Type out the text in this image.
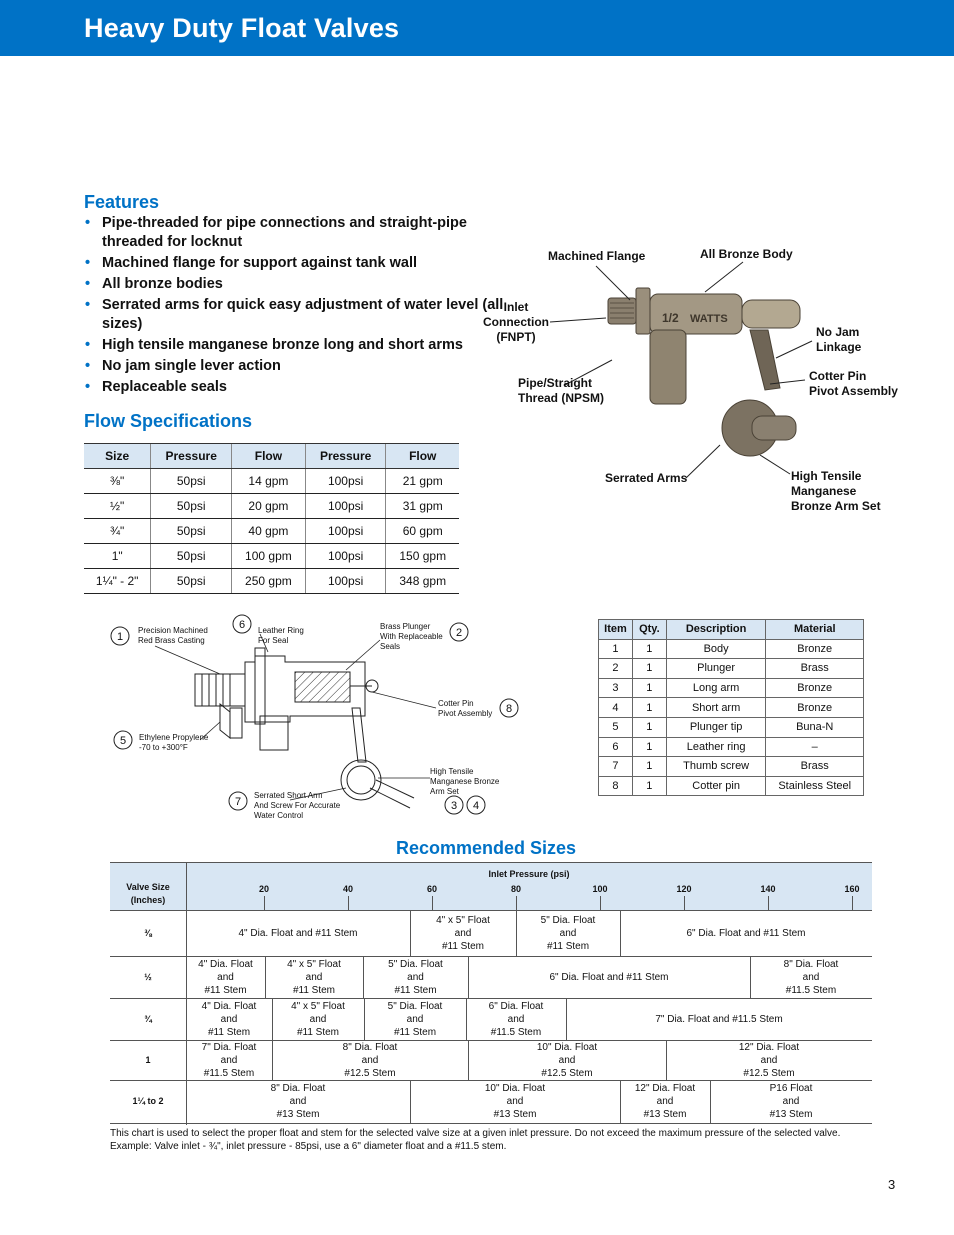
Heavy Duty Float Valves
Features
• Pipe-threaded for pipe connections and straight-pipe threaded for locknut
• Machined flange for support against tank wall
• All bronze bodies
• Serrated arms for quick easy adjustment of water level (all sizes)
• High tensile manganese bronze long and short arms
• No jam single lever action
• Replaceable seals
Flow Specifications
Size	Pressure	Flow	Pressure	Flow
⅜"	50psi	14 gpm	100psi	21 gpm
½"	50psi	20 gpm	100psi	31 gpm
¾"	50psi	40 gpm	100psi	60 gpm
1"	50psi	100 gpm	100psi	150 gpm
1¼" - 2"	50psi	250 gpm	100psi	348 gpm
1/2 WATTS
Machined Flange	All Bronze Body
Inlet
Connection
(FNPT)	No Jam
Linkage
Cotter Pin
Pivot Assembly
Pipe/Straight
Thread (NPSM)
Serrated Arms	High Tensile
Manganese
Bronze Arm Set
1
6
2
8
5
3 4
7
Precision Machined
Red Brass Casting
Leather Ring
For Seal
Brass Plunger
With Replaceable
Seals
Cotter Pin
Pivot Assembly
Ethylene Propylene
-70 to +300°F
High Tensile
Manganese Bronze
Arm Set
Serrated Short Arm
And Screw For Accurate
Water Control
Item	Qty.	Description	Material
1	1	Body	Bronze
2	1	Plunger	Brass
3	1	Long arm	Bronze
4	1	Short arm	Bronze
5	1	Plunger tip	Buna-N
6	1	Leather ring	–
7	1	Thumb screw	Brass
8	1	Cotter pin	Stainless Steel
Recommended Sizes
Valve Size
(Inches)
Inlet Pressure (psi)
20	40	60	80	100	120	140	160
⅜	4" Dia. Float and #11 Stem
4" x 5" Float
and
#11 Stem
5" Dia. Float
and
#11 Stem
6" Dia. Float and #11 Stem
½
4" Dia. Float
and
#11 Stem
4" x 5" Float
and
#11 Stem
5" Dia. Float
and
#11 Stem
6" Dia. Float and #11 Stem
8" Dia. Float
and
#11.5 Stem
¾
4" Dia. Float
and
#11 Stem
4" x 5" Float
and
#11 Stem
5" Dia. Float
and
#11 Stem
6" Dia. Float
and
#11.5 Stem
7" Dia. Float and #11.5 Stem
1
7" Dia. Float
and
#11.5 Stem
8" Dia. Float
and
#12.5 Stem
10" Dia. Float
and
#12.5 Stem
12" Dia. Float
and
#12.5 Stem
1¼ to 2
8" Dia. Float
and
#13 Stem
10" Dia. Float
and
#13 Stem
12" Dia. Float
and
#13 Stem
P16 Float
and
#13 Stem

This chart is used to select the proper float and stem for the selected valve size at a given inlet pressure. Do not exceed the maximum pressure of the selected valve. Example: Valve inlet - ¾", inlet pressure - 85psi, use a 6" diameter float and a #11.5 stem.

3
